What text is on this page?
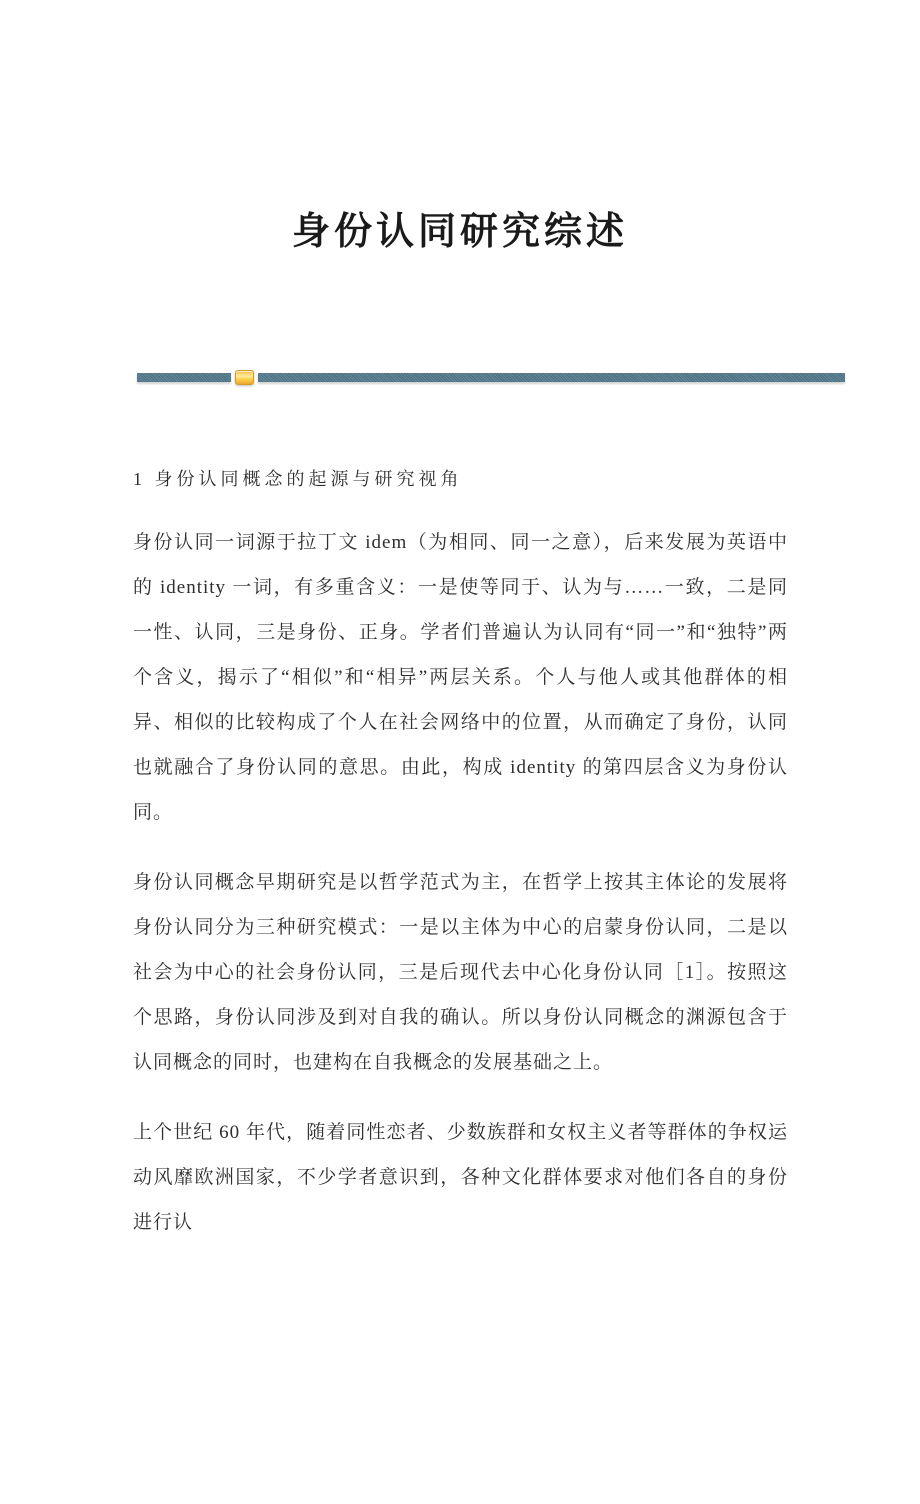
身份认同研究综述
1 身份认同概念的起源与研究视角

身份认同一词源于拉丁文 idem（为相同、同一之意），后来发展为英语中的 identity 一词，有多重含义：一是使等同于、认为与……一致，二是同一性、认同，三是身份、正身。学者们普遍认为认同有“同一”和“独特”两个含义，揭示了“相似”和“相异”两层关系。个人与他人或其他群体的相异、相似的比较构成了个人在社会网络中的位置，从而确定了身份，认同也就融合了身份认同的意思。由此，构成 identity 的第四层含义为身份认同。

身份认同概念早期研究是以哲学范式为主，在哲学上按其主体论的发展将身份认同分为三种研究模式：一是以主体为中心的启蒙身份认同，二是以社会为中心的社会身份认同，三是后现代去中心化身份认同［1］。按照这个思路，身份认同涉及到对自我的确认。所以身份认同概念的渊源包含于认同概念的同时，也建构在自我概念的发展基础之上。

上个世纪 60 年代，随着同性恋者、少数族群和女权主义者等群体的争权运动风靡欧洲国家，不少学者意识到，各种文化群体要求对他们各自的身份进行认
